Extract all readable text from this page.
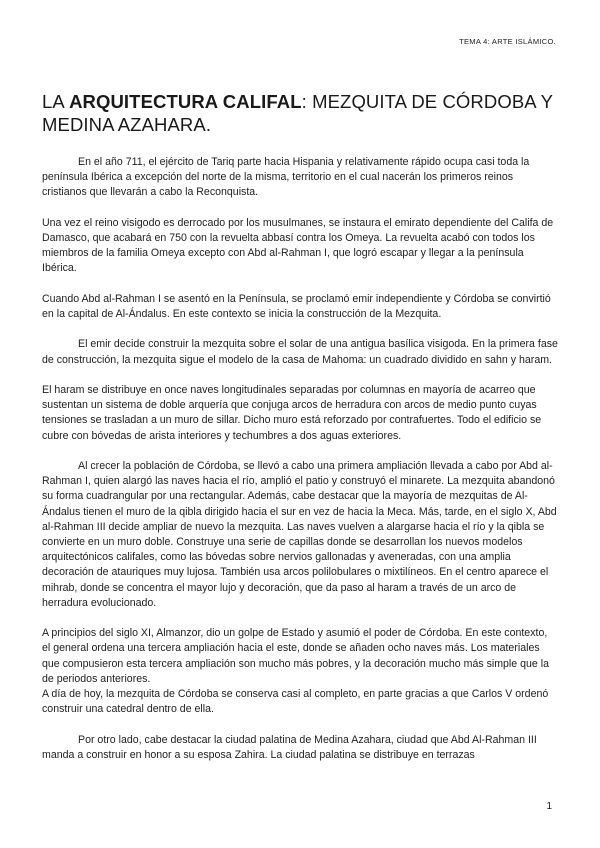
TEMA 4: ARTE ISLÁMICO.
LA ARQUITECTURA CALIFAL: MEZQUITA DE CÓRDOBA Y MEDINA AZAHARA.

En el año 711, el ejército de Tariq parte hacia Hispania y relativamente rápido ocupa casi toda la península Ibérica a excepción del norte de la misma, territorio en el cual nacerán los primeros reinos cristianos que llevarán a cabo la Reconquista.

Una vez el reino visigodo es derrocado por los musulmanes, se instaura el emirato dependiente del Califa de Damasco, que acabará en 750 con la revuelta abbasí contra los Omeya. La revuelta acabó con todos los miembros de la familia Omeya excepto con Abd al-Rahman I, que logró escapar y llegar a la península Ibérica.

Cuando Abd al-Rahman I se asentó en la Península, se proclamó emir independiente y Córdoba se convirtió en la capital de Al-Ándalus. En este contexto se inicia la construcción de la Mezquita.

El emir decide construir la mezquita sobre el solar de una antigua basílica visigoda. En la primera fase de construcción, la mezquita sigue el modelo de la casa de Mahoma: un cuadrado dividido en sahn y haram.

El haram se distribuye en once naves longitudinales separadas por columnas en mayoría de acarreo que sustentan un sistema de doble arquería que conjuga arcos de herradura con arcos de medio punto cuyas tensiones se trasladan a un muro de sillar. Dicho muro está reforzado por contrafuertes. Todo el edificio se cubre con bóvedas de arista interiores y techumbres a dos aguas exteriores.

Al crecer la población de Córdoba, se llevó a cabo una primera ampliación llevada a cabo por Abd al-Rahman I, quien alargó las naves hacia el río, amplió el patio y construyó el minarete. La mezquita abandonó su forma cuadrangular por una rectangular. Además, cabe destacar que la mayoría de mezquitas de Al-Ándalus tienen el muro de la qibla dirigido hacia el sur en vez de hacia la Meca. Más, tarde, en el siglo X, Abd al-Rahman III decide ampliar de nuevo la mezquita. Las naves vuelven a alargarse hacia el río y la qibla se convierte en un muro doble. Construye una serie de capillas donde se desarrollan los nuevos modelos arquitectónicos califales, como las bóvedas sobre nervios gallonadas y aveneradas, con una amplia decoración de atauriques muy lujosa. También usa arcos polilobulares o mixtilíneos. En el centro aparece el mihrab, donde se concentra el mayor lujo y decoración, que da paso al haram a través de un arco de herradura evolucionado.

A principios del siglo XI, Almanzor, dio un golpe de Estado y asumió el poder de Córdoba. En este contexto, el general ordena una tercera ampliación hacia el este, donde se añaden ocho naves más. Los materiales que compusieron esta tercera ampliación son mucho más pobres, y la decoración mucho más simple que la de periodos anteriores.

A día de hoy, la mezquita de Córdoba se conserva casi al completo, en parte gracias a que Carlos V ordenó construir una catedral dentro de ella.

Por otro lado, cabe destacar la ciudad palatina de Medina Azahara, ciudad que Abd Al-Rahman III manda a construir en honor a su esposa Zahira. La ciudad palatina se distribuye en terrazas

1
